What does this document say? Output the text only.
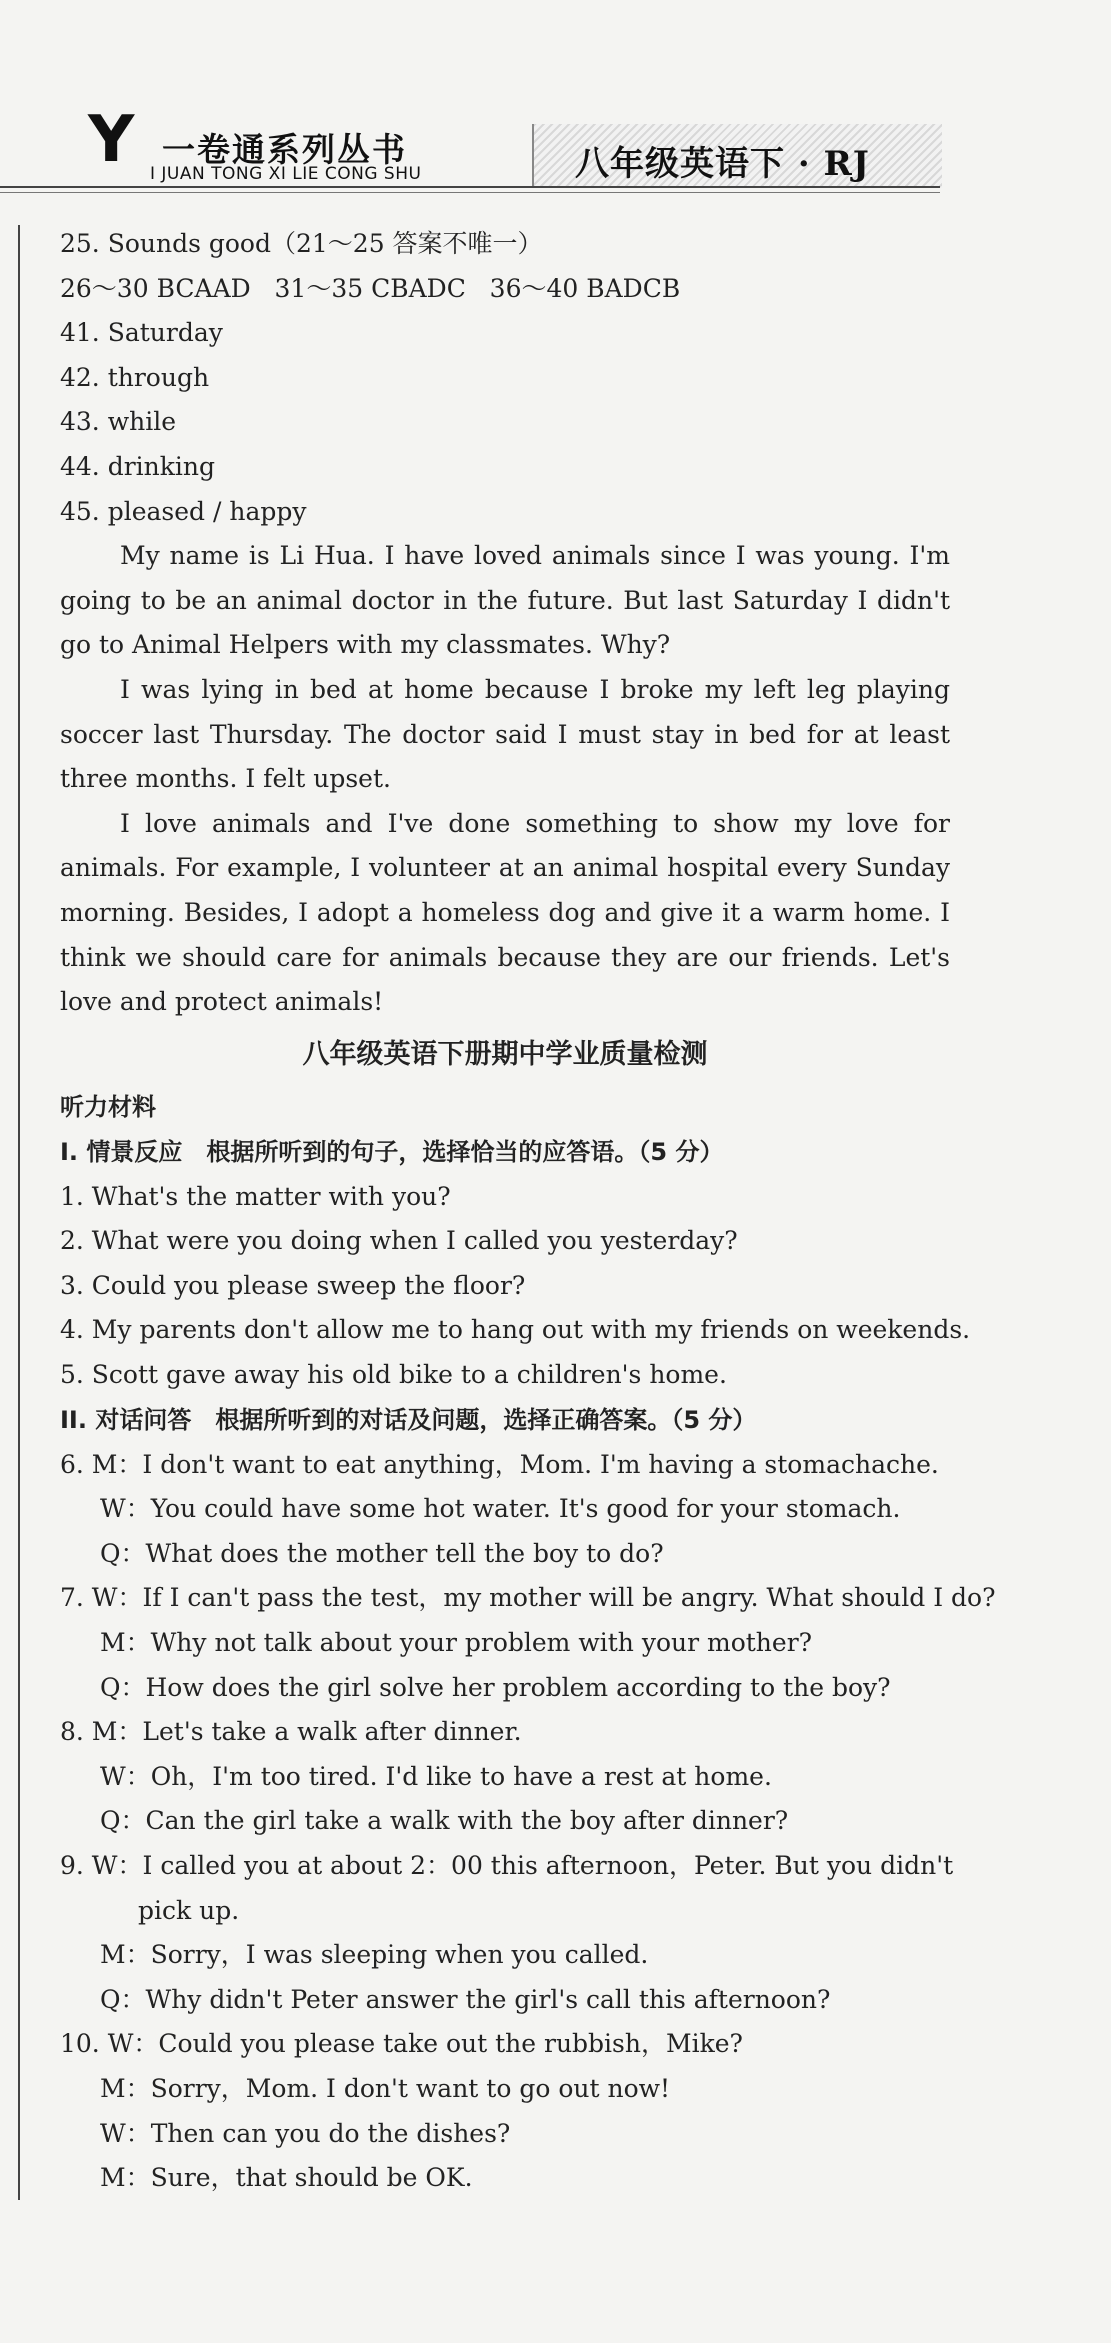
Y 一卷通系列丛书
I JUAN TONG XI LIE CONG SHU	八年级英语下 · RJ
25. Sounds good（21～25 答案不唯一）
26～30 BCAAD   31～35 CBADC   36～40 BADCB
41. Saturday
42. through
43. while
44. drinking
45. pleased / happy
My name is Li Hua. I have loved animals since I was young. I'm going to be an animal doctor in the future. But last Saturday I didn't go to Animal Helpers with my classmates. Why?
I was lying in bed at home because I broke my left leg playing soccer last Thursday. The doctor said I must stay in bed for at least three months. I felt upset.
I love animals and I've done something to show my love for animals. For example, I volunteer at an animal hospital every Sunday morning. Besides, I adopt a homeless dog and give it a warm home. I think we should care for animals because they are our friends. Let's love and protect animals!
八年级英语下册期中学业质量检测
听力材料
I. 情景反应　根据所听到的句子，选择恰当的应答语。（5 分）
1. What's the matter with you?
2. What were you doing when I called you yesterday?
3. Could you please sweep the floor?
4. My parents don't allow me to hang out with my friends on weekends.
5. Scott gave away his old bike to a children's home.
II. 对话问答　根据所听到的对话及问题，选择正确答案。（5 分）
6. M：I don't want to eat anything，Mom. I'm having a stomachache.
W：You could have some hot water. It's good for your stomach.
Q：What does the mother tell the boy to do?
7. W：If I can't pass the test，my mother will be angry. What should I do?
M：Why not talk about your problem with your mother?
Q：How does the girl solve her problem according to the boy?
8. M：Let's take a walk after dinner.
W：Oh，I'm too tired. I'd like to have a rest at home.
Q：Can the girl take a walk with the boy after dinner?
9. W：I called you at about 2：00 this afternoon，Peter. But you didn't
pick up.
M：Sorry，I was sleeping when you called.
Q：Why didn't Peter answer the girl's call this afternoon?
10. W：Could you please take out the rubbish，Mike?
M：Sorry，Mom. I don't want to go out now!
W：Then can you do the dishes?
M：Sure，that should be OK.
